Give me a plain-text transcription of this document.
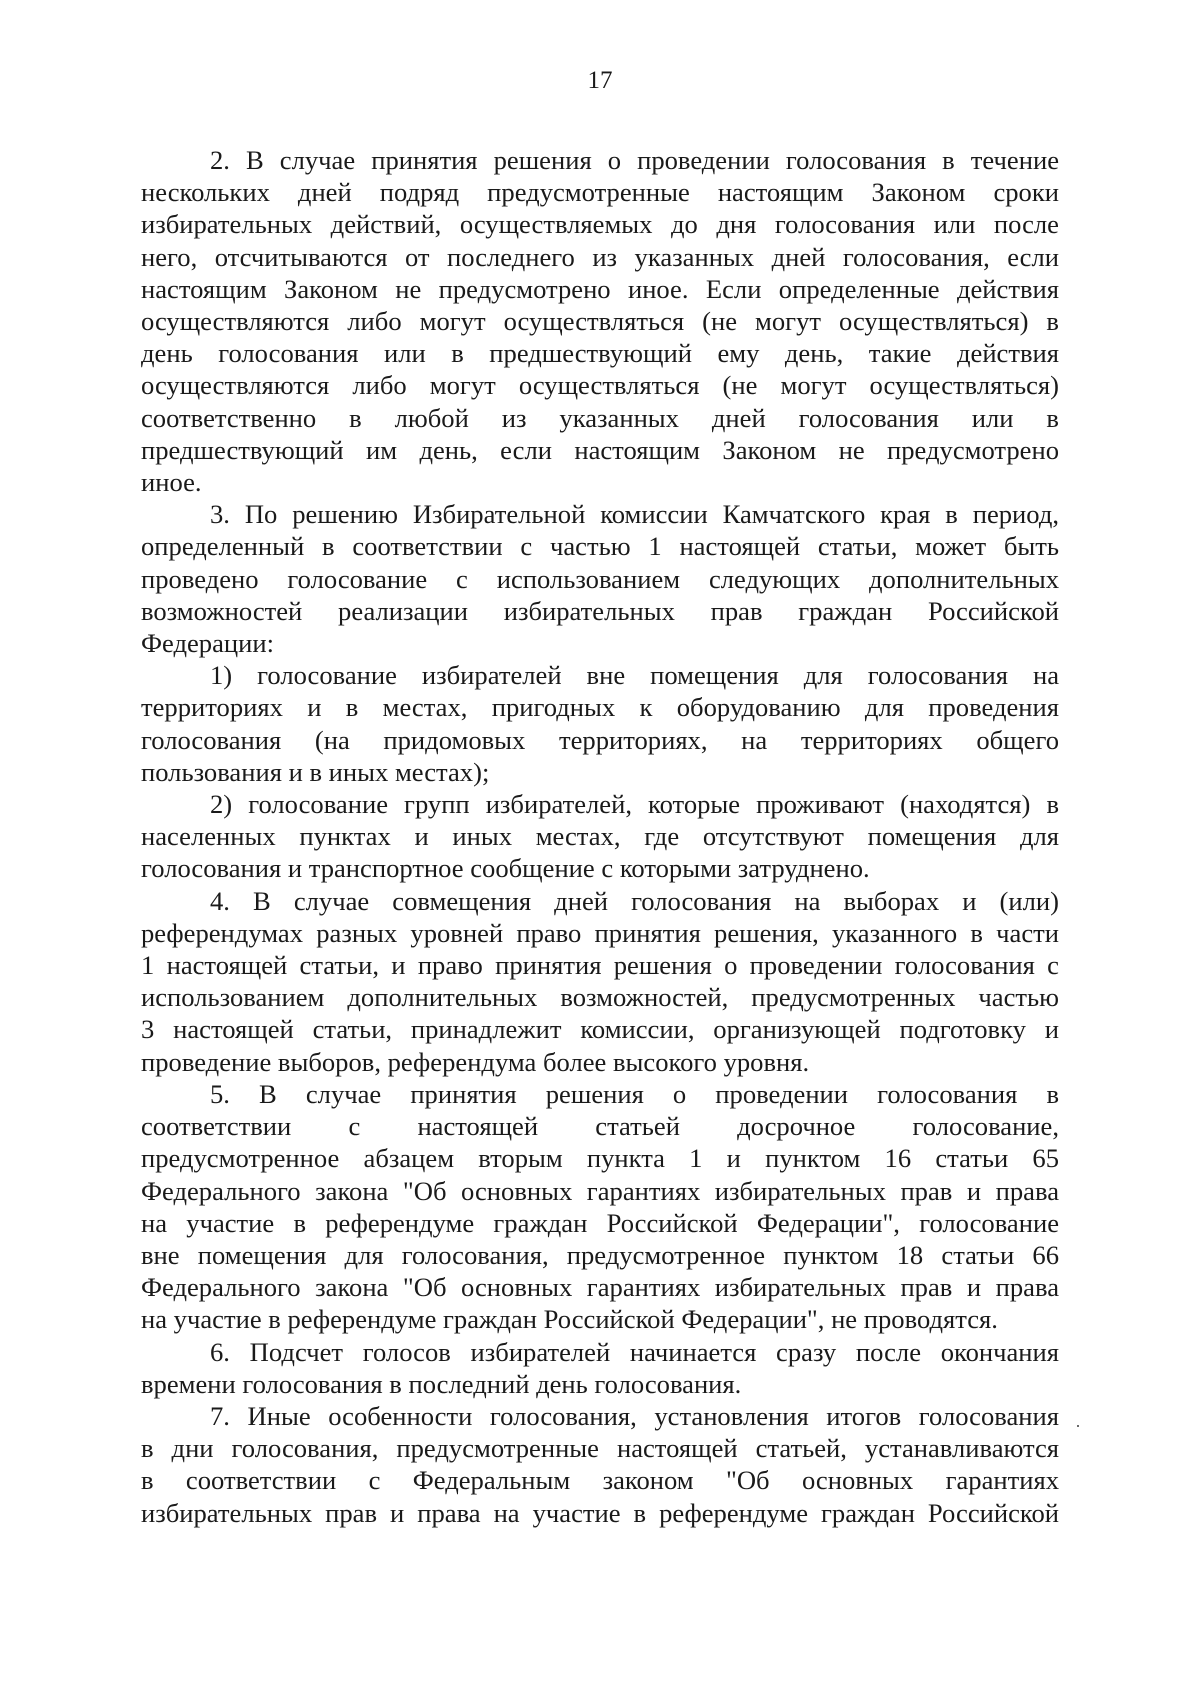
17
2. В случае принятия решения о проведении голосования в течение
нескольких дней подряд предусмотренные настоящим Законом сроки
избирательных действий, осуществляемых до дня голосования или после
него, отсчитываются от последнего из указанных дней голосования, если
настоящим Законом не предусмотрено иное. Если определенные действия
осуществляются либо могут осуществляться (не могут осуществляться) в
день голосования или в предшествующий ему день, такие действия
осуществляются либо могут осуществляться (не могут осуществляться)
соответственно в любой из указанных дней голосования или в
предшествующий им день, если настоящим Законом не предусмотрено
иное.
3. По решению Избирательной комиссии Камчатского края в период,
определенный в соответствии с частью 1 настоящей статьи, может быть
проведено голосование с использованием следующих дополнительных
возможностей реализации избирательных прав граждан Российской
Федерации:
1) голосование избирателей вне помещения для голосования на
территориях и в местах, пригодных к оборудованию для проведения
голосования (на придомовых территориях, на территориях общего
пользования и в иных местах);
2) голосование групп избирателей, которые проживают (находятся) в
населенных пунктах и иных местах, где отсутствуют помещения для
голосования и транспортное сообщение с которыми затруднено.
4. В случае совмещения дней голосования на выборах и (или)
референдумах разных уровней право принятия решения, указанного в части
1 настоящей статьи, и право принятия решения о проведении голосования с
использованием дополнительных возможностей, предусмотренных частью
3 настоящей статьи, принадлежит комиссии, организующей подготовку и
проведение выборов, референдума более высокого уровня.
5. В случае принятия решения о проведении голосования в
соответствии с настоящей статьей досрочное голосование,
предусмотренное абзацем вторым пункта 1 и пунктом 16 статьи 65
Федерального закона "Об основных гарантиях избирательных прав и права
на участие в референдуме граждан Российской Федерации", голосование
вне помещения для голосования, предусмотренное пунктом 18 статьи 66
Федерального закона "Об основных гарантиях избирательных прав и права
на участие в референдуме граждан Российской Федерации", не проводятся.
6. Подсчет голосов избирателей начинается сразу после окончания
времени голосования в последний день голосования.
7. Иные особенности голосования, установления итогов голосования
в дни голосования, предусмотренные настоящей статьей, устанавливаются
в соответствии с Федеральным законом "Об основных гарантиях
избирательных прав и права на участие в референдуме граждан Российской
